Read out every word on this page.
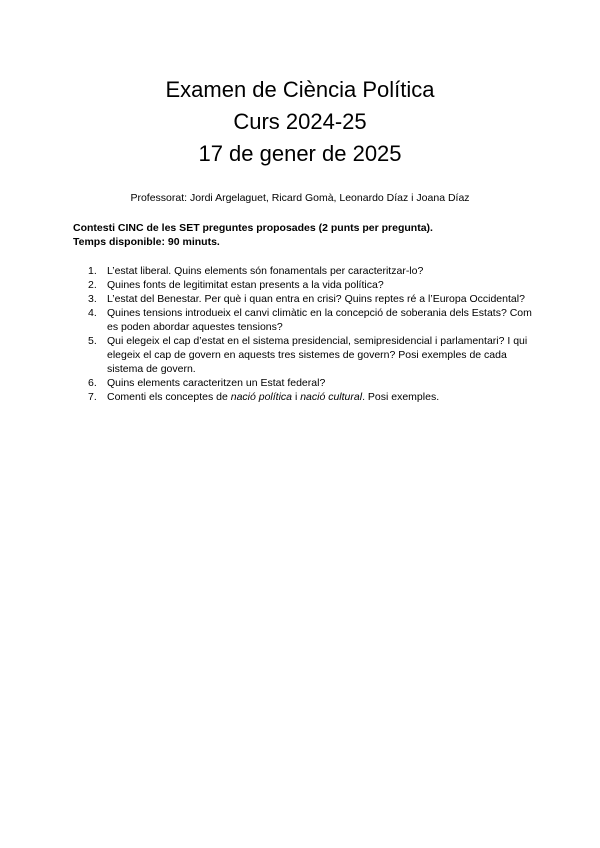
Examen de Ciència Política
Curs 2024-25
17 de gener de 2025
Professorat: Jordi Argelaguet, Ricard Gomà, Leonardo Díaz i Joana Díaz
Contesti CINC de les SET preguntes proposades (2 punts per pregunta).
Temps disponible: 90 minuts.
1. L’estat liberal. Quins elements són fonamentals per caracteritzar-lo?
2. Quines fonts de legitimitat estan presents a la vida política?
3. L’estat del Benestar. Per què i quan entra en crisi? Quins reptes ré a l’Europa Occidental?
4. Quines tensions introdueix el canvi climàtic en la concepció de soberania dels Estats? Com es poden abordar aquestes tensions?
5. Qui elegeix el cap d’estat en el sistema presidencial, semipresidencial i parlamentari? I qui elegeix el cap de govern en aquests tres sistemes de govern? Posi exemples de cada sistema de govern.
6. Quins elements caracteritzen un Estat federal?
7. Comenti els conceptes de nació política i nació cultural. Posi exemples.
